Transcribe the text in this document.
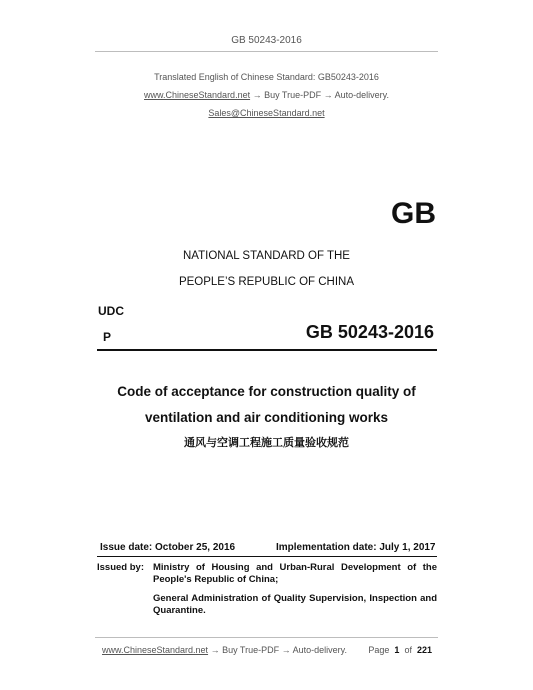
GB 50243-2016
Translated English of Chinese Standard: GB50243-2016
www.ChineseStandard.net → Buy True-PDF → Auto-delivery.
Sales@ChineseStandard.net
GB
NATIONAL STANDARD OF THE
PEOPLE’S REPUBLIC OF CHINA
UDC
P	GB 50243-2016
Code of acceptance for construction quality of
ventilation and air conditioning works
通风与空调工程施工质量验收规范
Issue date: October 25, 2016	Implementation date: July 1, 2017
Issued by: Ministry of Housing and Urban-Rural Development of the People's Republic of China;

General Administration of Quality Supervision, Inspection and Quarantine.

www.ChineseStandard.net → Buy True-PDF → Auto-delivery. Page 1 of 221
